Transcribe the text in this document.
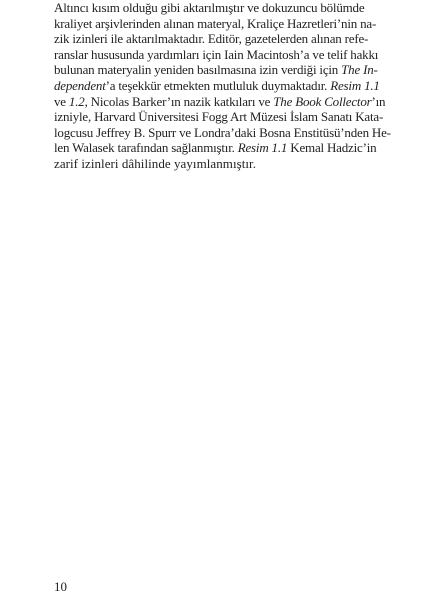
Altıncı kısım olduğu gibi aktarılmıştır ve dokuzuncu bölümde
kraliyet arşivlerinden alınan materyal, Kraliçe Hazretleri’nin na-
zik izinleri ile aktarılmaktadır. Editör, gazetelerden alınan refe-
ranslar hususunda yardımları için Iain Macintosh’a ve telif hakkı
bulunan materyalin yeniden basılmasına izin verdiği için The In-
dependent’a teşekkür etmekten mutluluk duymaktadır. Resim 1.1
ve 1.2, Nicolas Barker’ın nazik katkıları ve The Book Collector’ın
izniyle, Harvard Üniversitesi Fogg Art Müzesi İslam Sanatı Kata-
logcusu Jeffrey B. Spurr ve Londra’daki Bosna Enstitüsü’nden He-
len Walasek tarafından sağlanmıştır. Resim 1.1 Kemal Hadzic’in
zarif izinleri dâhilinde yayımlanmıştır.
10
